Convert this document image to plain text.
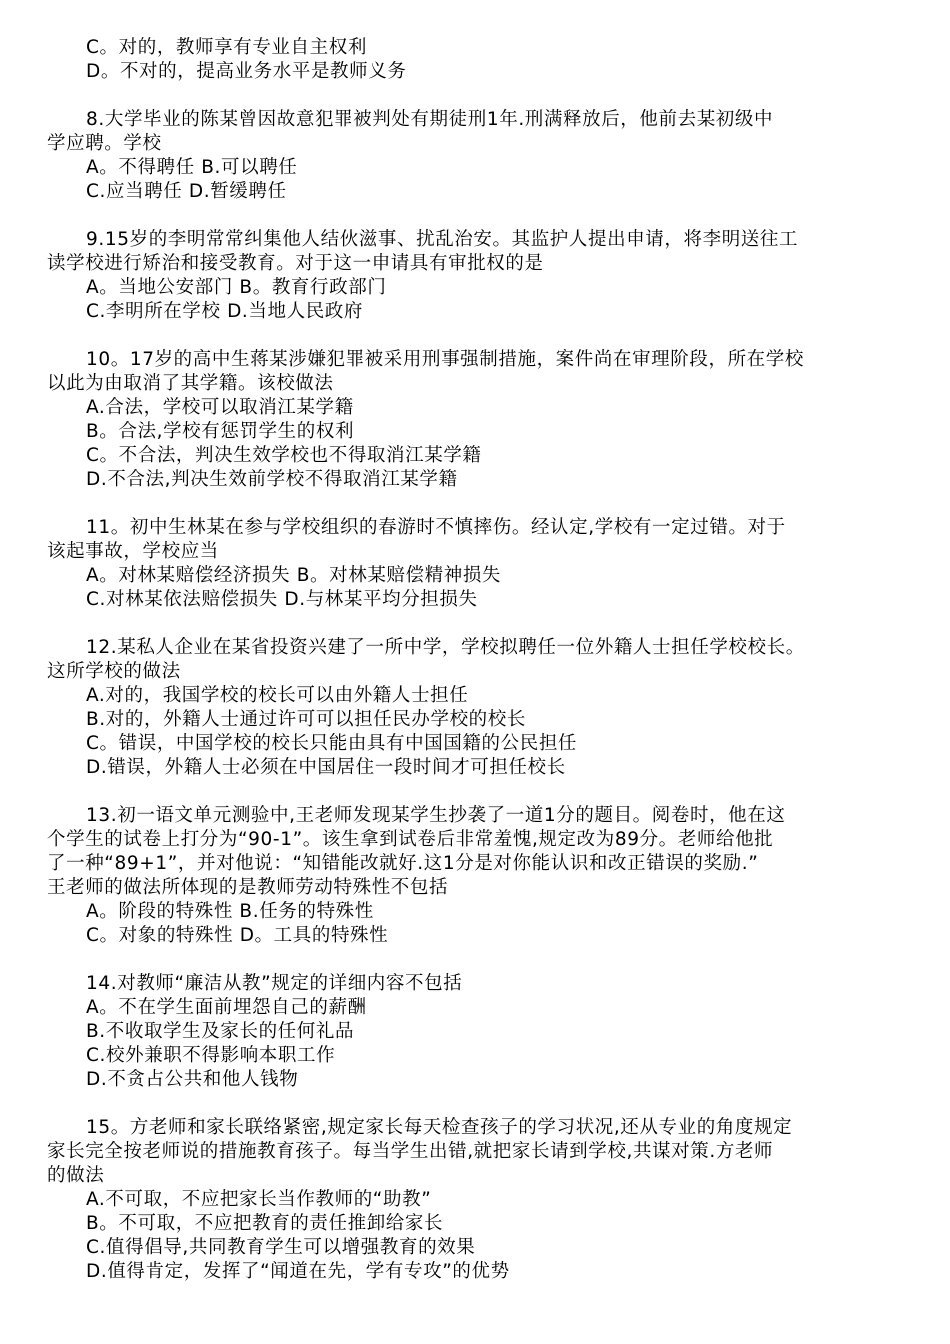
C。对的，教师享有专业自主权利
D。不对的，提高业务水平是教师义务
8.大学毕业的陈某曾因故意犯罪被判处有期徒刑1年.刑满释放后，他前去某初级中
学应聘。学校
A。不得聘任 B.可以聘任
C.应当聘任 D.暂缓聘任
9.15岁的李明常常纠集他人结伙滋事、扰乱治安。其监护人提出申请，将李明送往工
读学校进行矫治和接受教育。对于这一申请具有审批权的是
A。当地公安部门 B。教育行政部门
C.李明所在学校 D.当地人民政府
10。17岁的高中生蒋某涉嫌犯罪被采用刑事强制措施，案件尚在审理阶段，所在学校
以此为由取消了其学籍。该校做法
A.合法，学校可以取消江某学籍
B。合法,学校有惩罚学生的权利
C。不合法，判决生效学校也不得取消江某学籍
D.不合法,判决生效前学校不得取消江某学籍
11。初中生林某在参与学校组织的春游时不慎摔伤。经认定,学校有一定过错。对于
该起事故，学校应当
A。对林某赔偿经济损失 B。对林某赔偿精神损失
C.对林某依法赔偿损失 D.与林某平均分担损失
12.某私人企业在某省投资兴建了一所中学，学校拟聘任一位外籍人士担任学校校长。
这所学校的做法
A.对的，我国学校的校长可以由外籍人士担任
B.对的，外籍人士通过许可可以担任民办学校的校长
C。错误，中国学校的校长只能由具有中国国籍的公民担任
D.错误，外籍人士必须在中国居住一段时间才可担任校长
13.初一语文单元测验中,王老师发现某学生抄袭了一道1分的题目。阅卷时，他在这
个学生的试卷上打分为“90-1”。该生拿到试卷后非常羞愧,规定改为89分。老师给他批
了一种“89+1”，并对他说：“知错能改就好.这1分是对你能认识和改正错误的奖励.”
王老师的做法所体现的是教师劳动特殊性不包括
A。阶段的特殊性 B.任务的特殊性
C。对象的特殊性 D。工具的特殊性
14.对教师“廉洁从教”规定的详细内容不包括
A。不在学生面前埋怨自己的薪酬
B.不收取学生及家长的任何礼品
C.校外兼职不得影响本职工作
D.不贪占公共和他人钱物
15。方老师和家长联络紧密,规定家长每天检查孩子的学习状况,还从专业的角度规定
家长完全按老师说的措施教育孩子。每当学生出错,就把家长请到学校,共谋对策.方老师
的做法
A.不可取，不应把家长当作教师的“助教”
B。不可取，不应把教育的责任推卸给家长
C.值得倡导,共同教育学生可以增强教育的效果
D.值得肯定，发挥了“闻道在先，学有专攻”的优势
